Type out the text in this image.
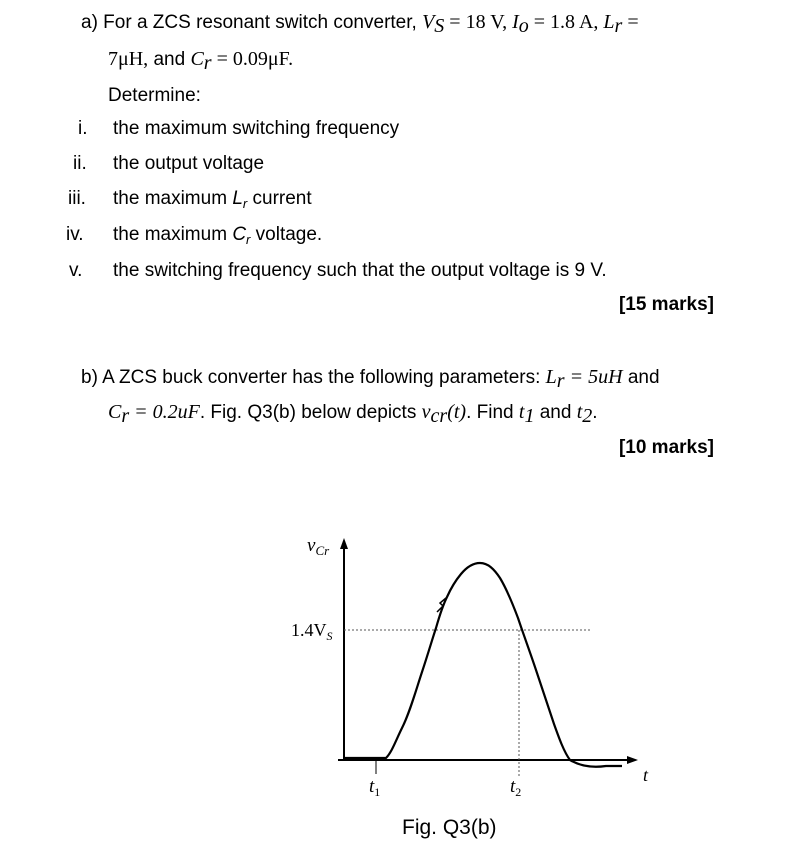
a) For a ZCS resonant switch converter, $V_S = 18$ V, $I_o = 1.8$ A, $L_r$ =
7μH, and $C_r = 0.09\mu F$.
Determine:
i. the maximum switching frequency
ii. the output voltage
iii. the maximum $L_r$ current
iv. the maximum $C_r$ voltage.
v. the switching frequency such that the output voltage is 9 V.
[15 marks]
b) A ZCS buck converter has the following parameters: $L_r = 5uH$ and
$C_r = 0.2uF$. Fig. Q3(b) below depicts $v_{cr}(t)$. Find $t_1$ and $t_2$.
[10 marks]
$v_{Cr}$
$1.4V_S$
t
$t_1$	$t_2$
Fig. Q3(b)
